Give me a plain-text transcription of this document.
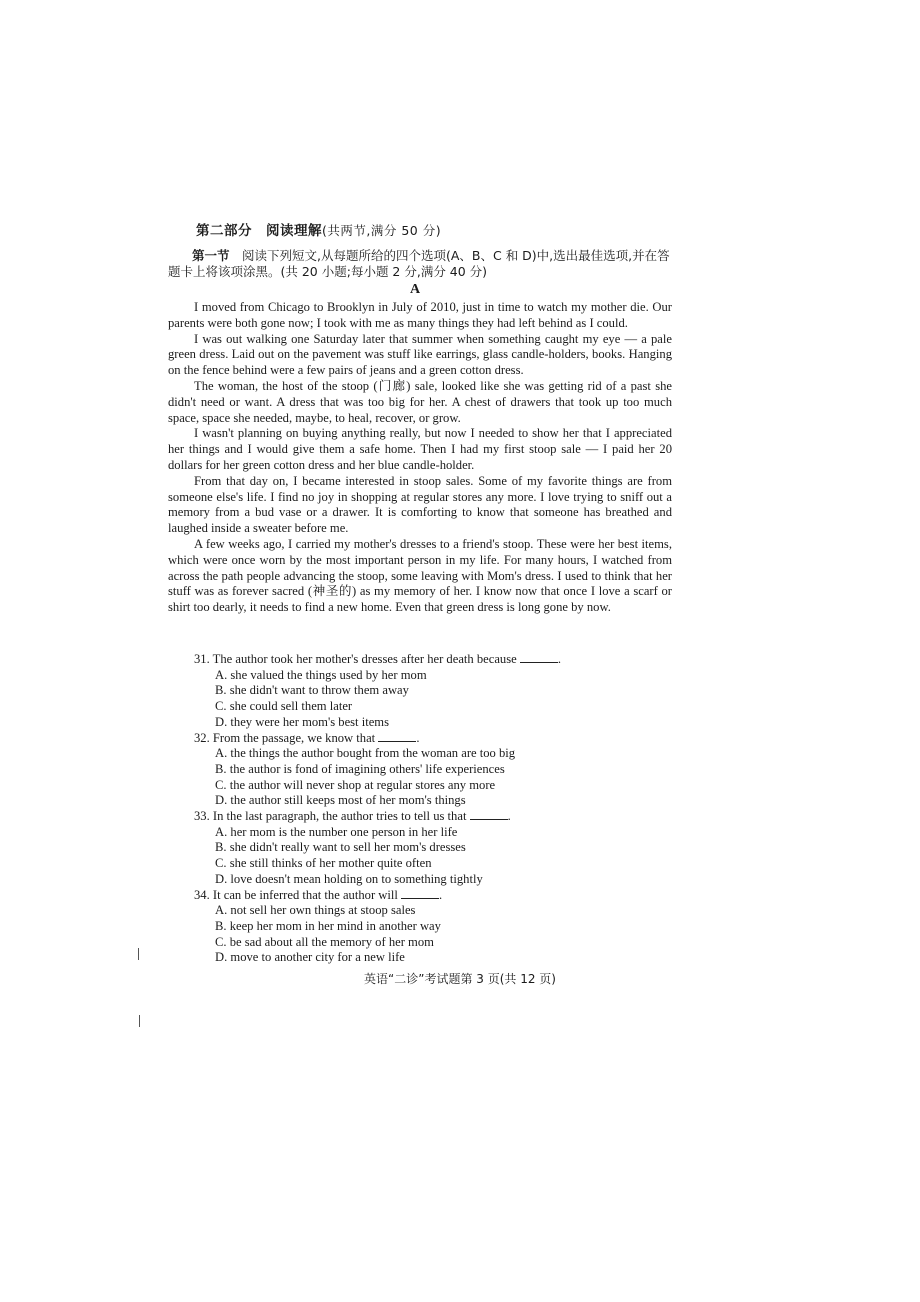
第二部分　阅读理解(共两节,满分 50 分)
第一节　阅读下列短文,从每题所给的四个选项(A、B、C 和 D)中,选出最佳选项,并在答题卡上将该项涂黑。(共 20 小题;每小题 2 分,满分 40 分)
A

I moved from Chicago to Brooklyn in July of 2010, just in time to watch my mother die. Our parents were both gone now; I took with me as many things they had left behind as I could.

I was out walking one Saturday later that summer when something caught my eye — a pale green dress. Laid out on the pavement was stuff like earrings, glass candle-holders, books. Hanging on the fence behind were a few pairs of jeans and a green cotton dress.

The woman, the host of the stoop (门廊) sale, looked like she was getting rid of a past she didn't need or want. A dress that was too big for her. A chest of drawers that took up too much space, space she needed, maybe, to heal, recover, or grow.

I wasn't planning on buying anything really, but now I needed to show her that I appreciated her things and I would give them a safe home. Then I had my first stoop sale — I paid her 20 dollars for her green cotton dress and her blue candle-holder.

From that day on, I became interested in stoop sales. Some of my favorite things are from someone else's life. I find no joy in shopping at regular stores any more. I love trying to sniff out a memory from a bud vase or a drawer. It is comforting to know that someone has breathed and laughed inside a sweater before me.

A few weeks ago, I carried my mother's dresses to a friend's stoop. These were her best items, which were once worn by the most important person in my life. For many hours, I watched from across the path people advancing the stoop, some leaving with Mom's dress. I used to think that her stuff was as forever sacred (神圣的) as my memory of her. I know now that once I love a scarf or shirt too dearly, it needs to find a new home. Even that green dress is long gone by now.

31. The author took her mother's dresses after her death because	.
A. she valued the things used by her mom
B. she didn't want to throw them away
C. she could sell them later
D. they were her mom's best items
32. From the passage, we know that	.
A. the things the author bought from the woman are too big
B. the author is fond of imagining others' life experiences
C. the author will never shop at regular stores any more
D. the author still keeps most of her mom's things
33. In the last paragraph, the author tries to tell us that	.
A. her mom is the number one person in her life
B. she didn't really want to sell her mom's dresses
C. she still thinks of her mother quite often
D. love doesn't mean holding on to something tightly
34. It can be inferred that the author will	.
A. not sell her own things at stoop sales
B. keep her mom in her mind in another way
C. be sad about all the memory of her mom
D. move to another city for a new life
英语“二诊”考试题第 3 页(共 12 页)
